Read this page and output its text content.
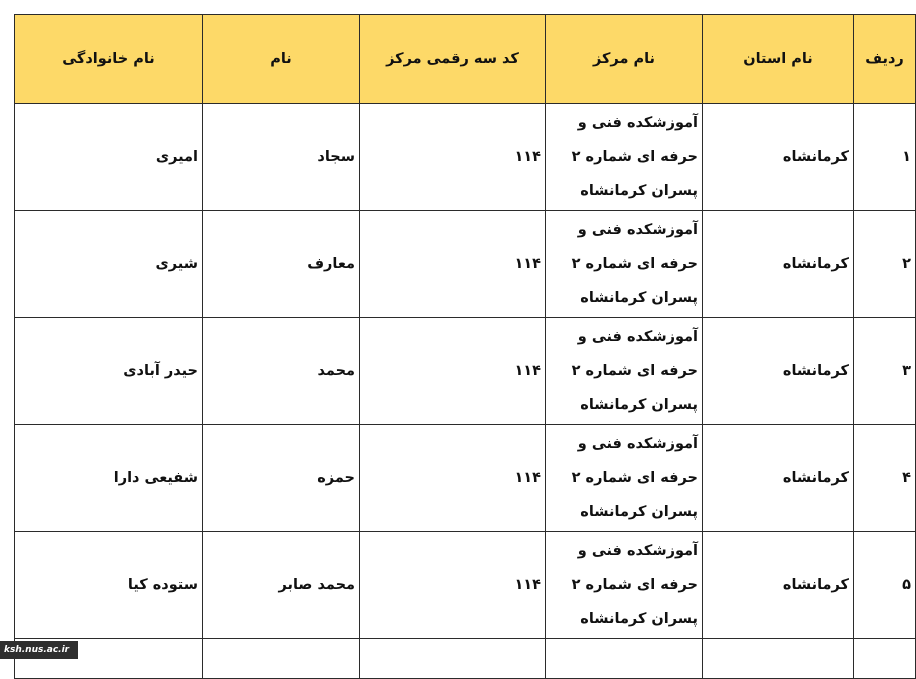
ردیف	نام استان	نام مرکز	کد سه رقمی مرکز	نام	نام خانوادگی
۱	کرمانشاه	آموزشکده فنی و حرفه ای شماره ۲ پسران کرمانشاه	۱۱۴	سجاد	امیری
۲	کرمانشاه	آموزشکده فنی و حرفه ای شماره ۲ پسران کرمانشاه	۱۱۴	معارف	شیری
۳	کرمانشاه	آموزشکده فنی و حرفه ای شماره ۲ پسران کرمانشاه	۱۱۴	محمد	حیدر آبادی
۴	کرمانشاه	آموزشکده فنی و حرفه ای شماره ۲ پسران کرمانشاه	۱۱۴	حمزه	شفیعی دارا
۵	کرمانشاه	آموزشکده فنی و حرفه ای شماره ۲ پسران کرمانشاه	۱۱۴	محمد صابر	ستوده کیا

ksh.nus.ac.ir
